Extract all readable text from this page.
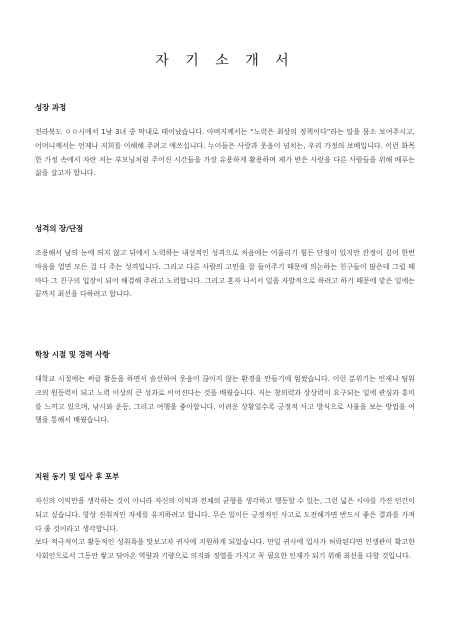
자 기 소 개 서

성장 과정

전라북도 ㅇㅇ시에서 1남 3녀 중 막내로 태어났습니다. 아버지께서는 “노력은 최상의 정책이다”라는 말을 몸소 보여주시고, 어머니께서는 언제나 저희를 이해해 주려고 애쓰십니다. 누이들은 사랑과 웃음이 넘치는, 우리 가정의 보배입니다. 이런 화목한 가정 속에서 자란 저는 부모님처럼 주어진 시간들을 가장 유용하게 활용하며 제가 받은 사랑을 다른 사람들을 위해 베푸는 삶을 살고자 합니다.

성격의 장/단점

조용해서 남의 눈에 띄지 않고 뒤에서 노력하는 내성적인 성격으로 처음에는 어울리기 힘든 단점이 있지만 잔정이 깊어 한번 마음을 열면 모든 걸 다 주는 성격입니다. 그리고 다른 사람의 고민을 잘 들어주기 때문에 의논하는 친구들이 많은데 그럴 때마다 그 친구의 입장이 되어 해결해 주려고 노력합니다. 그리고 혼자 나서서 일을 자발적으로 하려고 하기 때문에 맡은 일에는 끝까지 최선을 다하려고 합니다.

학창 시절 및 경력 사항

대학교 시절에는 써클 활동을 하면서 솔선하여 웃음이 끊이지 않는 환경을 만들기에 힘썼습니다. 이런 분위기는 언제나 팀워크의 원동력이 되고 노력 이상의 큰 성과로 이어진다는 것을 배웠습니다. 저는 창의력과 상상력이 요구되는 일에 관심과 흥미를 느끼고 있으며, 낚시와 운동, 그리고 여행을 좋아합니다. 어려운 상황일수록 긍정적 사고 방식으로 사물을 보는 방법을 여행을 통해서 배웠습니다.

지원 동기 및 입사 후 포부

자신의 이익만을 생각하는 것이 아니라 자신의 이익과 전체의 균형을 생각하고 행동할 수 있는, 그런 넓은 시야를 가진 인간이 되고 싶습니다. 항상 진취적인 자세를 유지하려고 합니다. 무슨 일이든 긍정적인 사고로 도전해가면 반드시 좋은 결과를 가져다 줄 것이라고 생각합니다.

보다 적극적이고 활동적인 성취욕을 맛보고자 귀사에 지원하게 되었습니다. 만일 귀사에 입사가 허락된다면 인생관이 확고한 사회인으로서 그동안 쌓고 닦아온 역량과 기량으로 의지와 정열을 가지고 꼭 필요한 인재가 되기 위해 최선을 다할 것입니다.
